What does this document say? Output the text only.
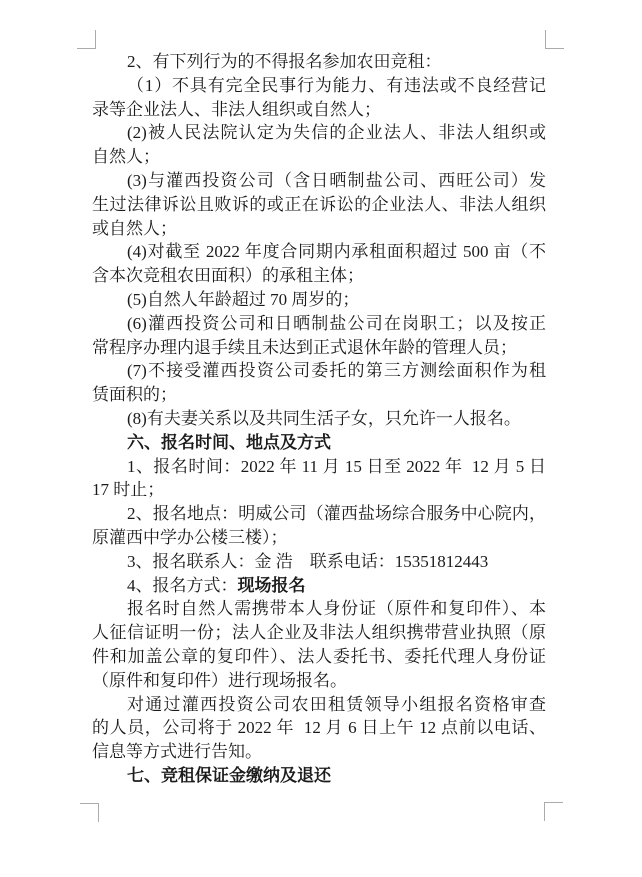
2、有下列行为的不得报名参加农田竞租：
（1）不具有完全民事行为能力、有违法或不良经营记
录等企业法人、非法人组织或自然人；
(2)被人民法院认定为失信的企业法人、非法人组织或
自然人；
(3)与灌西投资公司（含日晒制盐公司、西旺公司）发
生过法律诉讼且败诉的或正在诉讼的企业法人、非法人组织
或自然人；
(4)对截至 2022 年度合同期内承租面积超过 500 亩（不
含本次竞租农田面积）的承租主体；
(5)自然人年龄超过 70 周岁的；
(6)灌西投资公司和日晒制盐公司在岗职工；以及按正
常程序办理内退手续且未达到正式退休年龄的管理人员；
(7)不接受灌西投资公司委托的第三方测绘面积作为租
赁面积的；
(8)有夫妻关系以及共同生活子女，只允许一人报名。
六、报名时间、地点及方式
1、报名时间：2022 年 11 月 15 日至 2022 年  12 月 5 日
17 时止；
2、报名地点：明威公司（灌西盐场综合服务中心院内，
原灌西中学办公楼三楼）；
3、报名联系人：金 浩　联系电话：15351812443
4、报名方式：现场报名
报名时自然人需携带本人身份证（原件和复印件）、本
人征信证明一份；法人企业及非法人组织携带营业执照（原
件和加盖公章的复印件）、法人委托书、委托代理人身份证
（原件和复印件）进行现场报名。
对通过灌西投资公司农田租赁领导小组报名资格审查
的人员，公司将于 2022 年  12 月 6 日上午 12 点前以电话、
信息等方式进行告知。
七、竞租保证金缴纳及退还
